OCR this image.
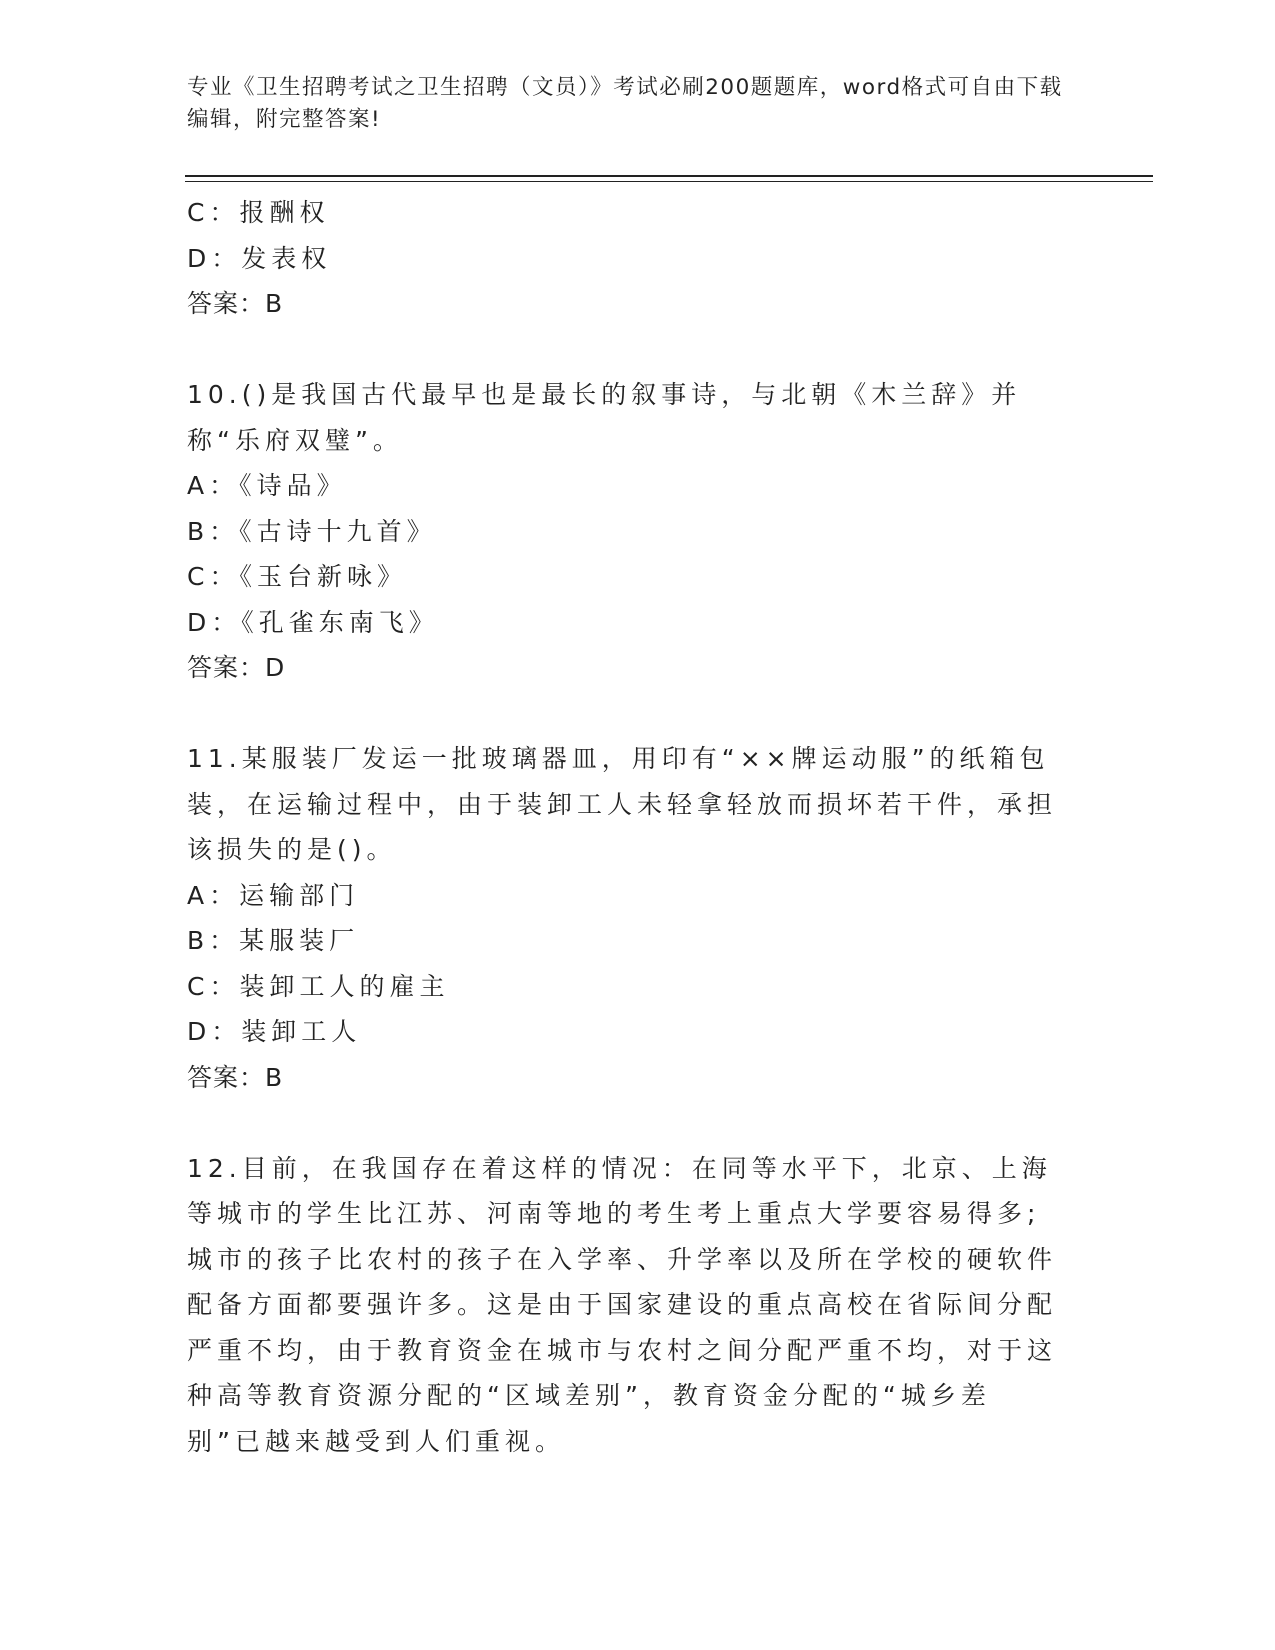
专业《卫生招聘考试之卫生招聘（文员）》考试必刷200题题库，word格式可自由下载编辑，附完整答案!
C：报酬权
D：发表权
答案：B
10.()是我国古代最早也是最长的叙事诗，与北朝《木兰辞》并称“乐府双璧”。
A：《诗品》
B：《古诗十九首》
C：《玉台新咏》
D：《孔雀东南飞》
答案：D
11.某服装厂发运一批玻璃器皿，用印有“××牌运动服”的纸箱包装，在运输过程中，由于装卸工人未轻拿轻放而损坏若干件，承担该损失的是()。
A：运输部门
B：某服装厂
C：装卸工人的雇主
D：装卸工人
答案：B
12.目前，在我国存在着这样的情况：在同等水平下，北京、上海等城市的学生比江苏、河南等地的考生考上重点大学要容易得多;城市的孩子比农村的孩子在入学率、升学率以及所在学校的硬软件配备方面都要强许多。这是由于国家建设的重点高校在省际间分配严重不均，由于教育资金在城市与农村之间分配严重不均，对于这种高等教育资源分配的“区域差别”，教育资金分配的“城乡差别”已越来越受到人们重视。
